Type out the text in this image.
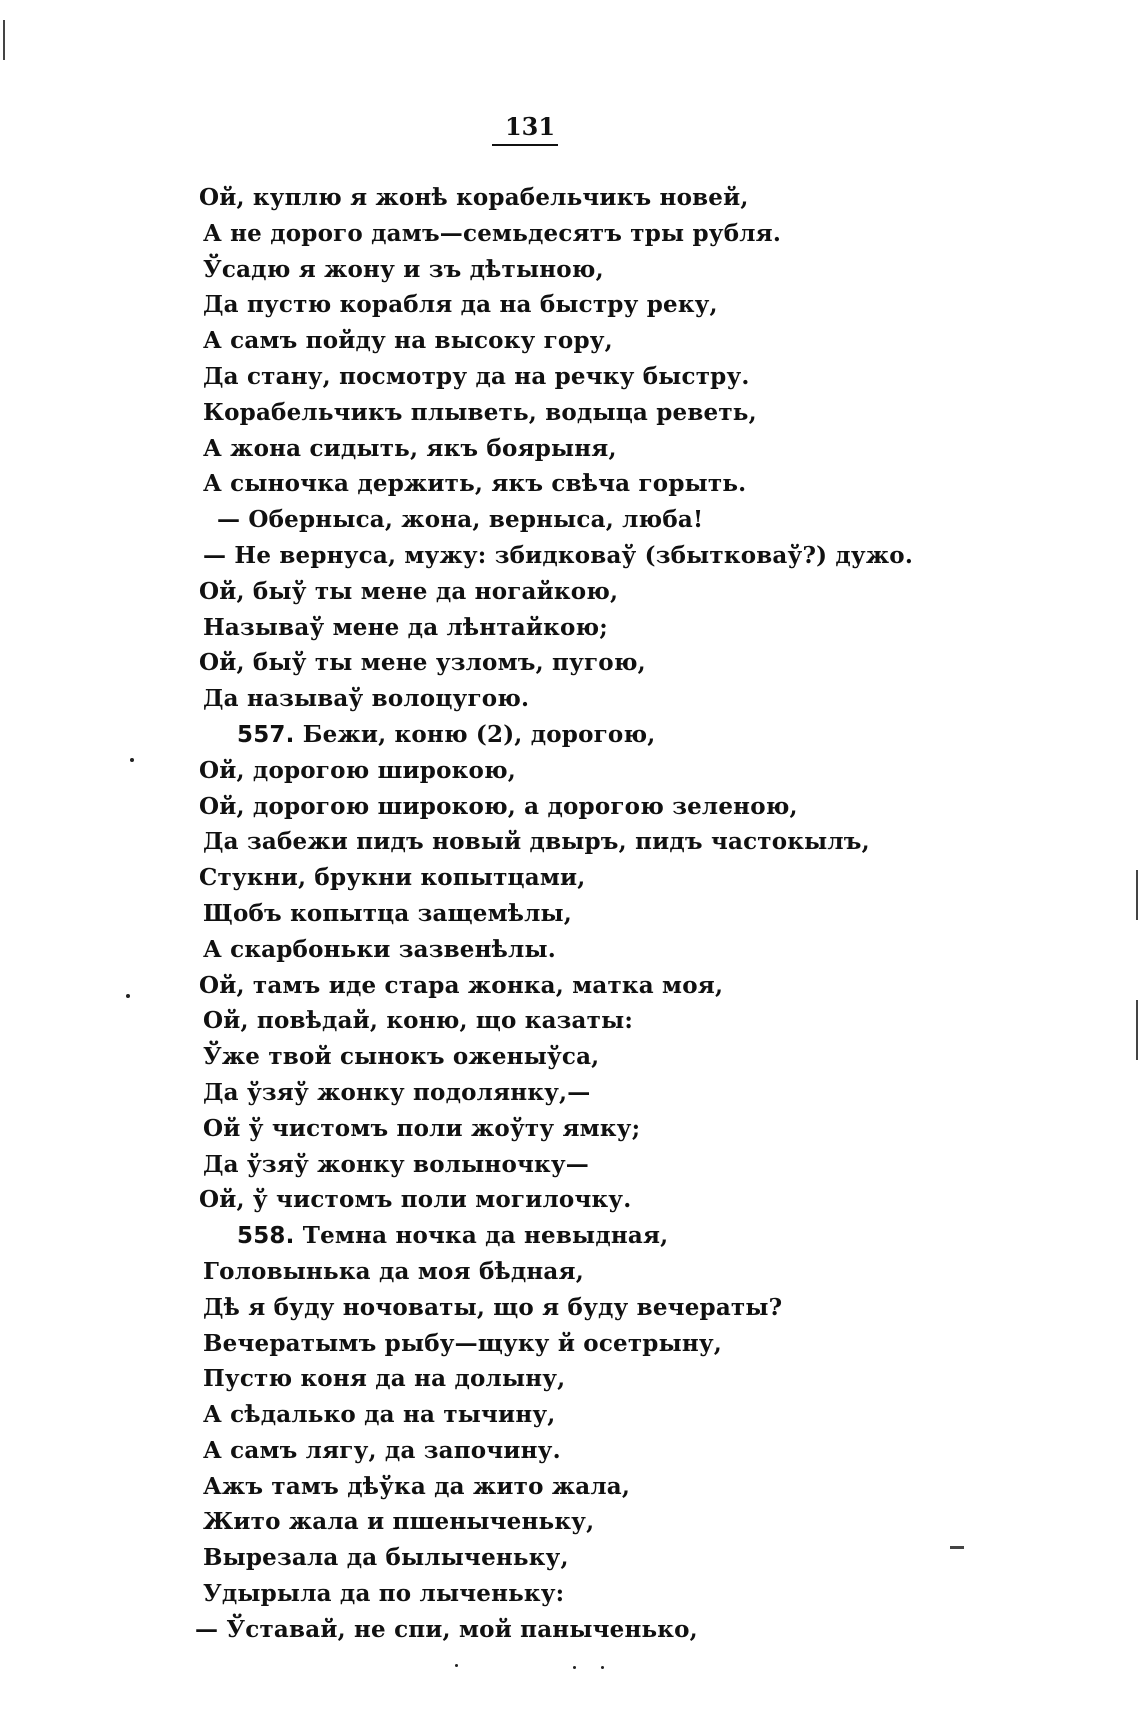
131
Ой, куплю я жонѣ корабельчикъ новей,
А не дорого дамъ—семьдесятъ тры рубля.
Ўсадю я жону и зъ дѣтыною,
Да пустю корабля да на быстру реку,
А самъ пойду на высоку гору,
Да стану, посмотру да на речку быстру.
Корабельчикъ плыветь, водыца реветь,
А жона сидыть, якъ боярыня,
А сыночка держить, якъ свѣча горыть.
— Оберныса, жона, верныса, люба!
— Не вернуса, мужу: збидковаў (збытковаў?) дужо.
Ой, быў ты мене да ногайкою,
Называў мене да лѣнтайкою;
Ой, быў ты мене узломъ, пугою,
Да называў волоцугою.
557. Бежи, коню (2), дорогою,
Ой, дорогою широкою,
Ой, дорогою широкою, а дорогою зеленою,
Да забежи пидъ новый двыръ, пидъ частокылъ,
Стукни, брукни копытцами,
Щобъ копытца защемѣлы,
А скарбоньки зазвенѣлы.
Ой, тамъ иде стара жонка, матка моя,
Ой, повѣдай, коню, що казаты:
Ўже твой сынокъ оженыўса,
Да ўзяў жонку подолянку,—
Ой ў чистомъ поли жоўту ямку;
Да ўзяў жонку волыночку—
Ой, ў чистомъ поли могилочку.
558. Темна ночка да невыдная,
Головынька да моя бѣдная,
Дѣ я буду ночоваты, що я буду вечераты?
Вечератымъ рыбу—щуку й осетрыну,
Пустю коня да на долыну,
А сѣдалько да на тычину,
А самъ лягу, да започину.
Ажъ тамъ дѣўка да жито жала,
Жито жала и пшеныченьку,
Вырезала да былыченьку,
Удырыла да по лыченьку:
— Ўставай, не спи, мой паныченько,
